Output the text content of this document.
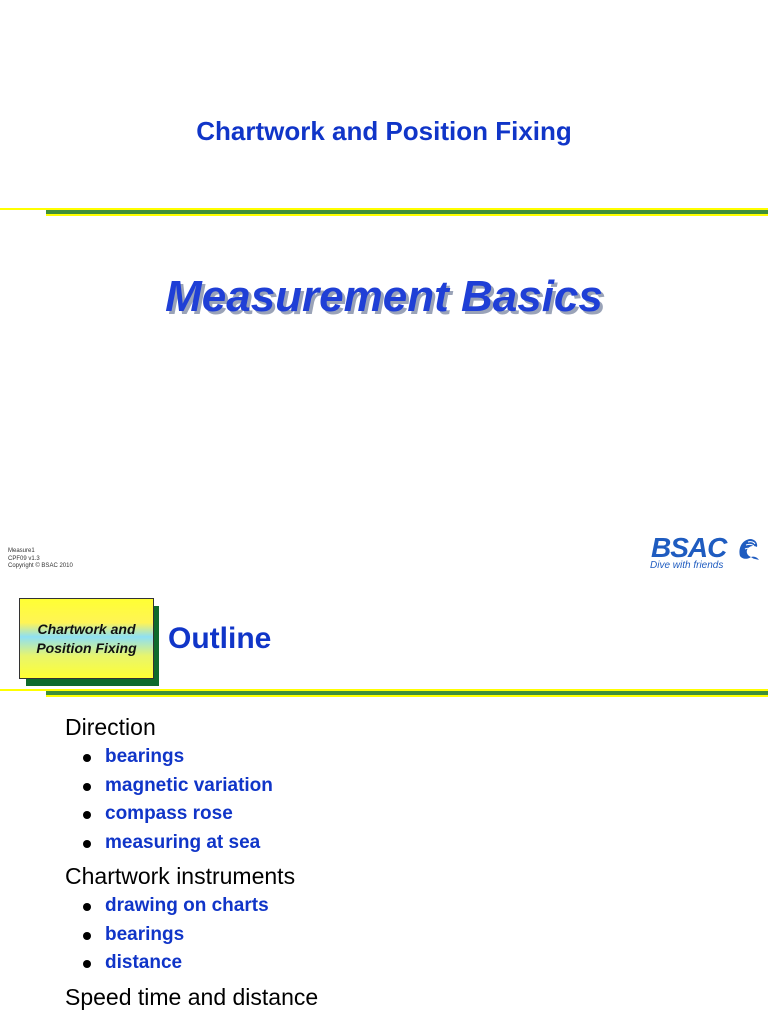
Chartwork and Position Fixing
Measurement Basics
Measure1
CPF09 v1.3
Copyright © BSAC 2010
BSAC
Dive with friends
Chartwork and
Position Fixing Outline
Direction
bearings
magnetic variation
compass rose
measuring at sea
Chartwork instruments
drawing on charts
bearings
distance
Speed time and distance
